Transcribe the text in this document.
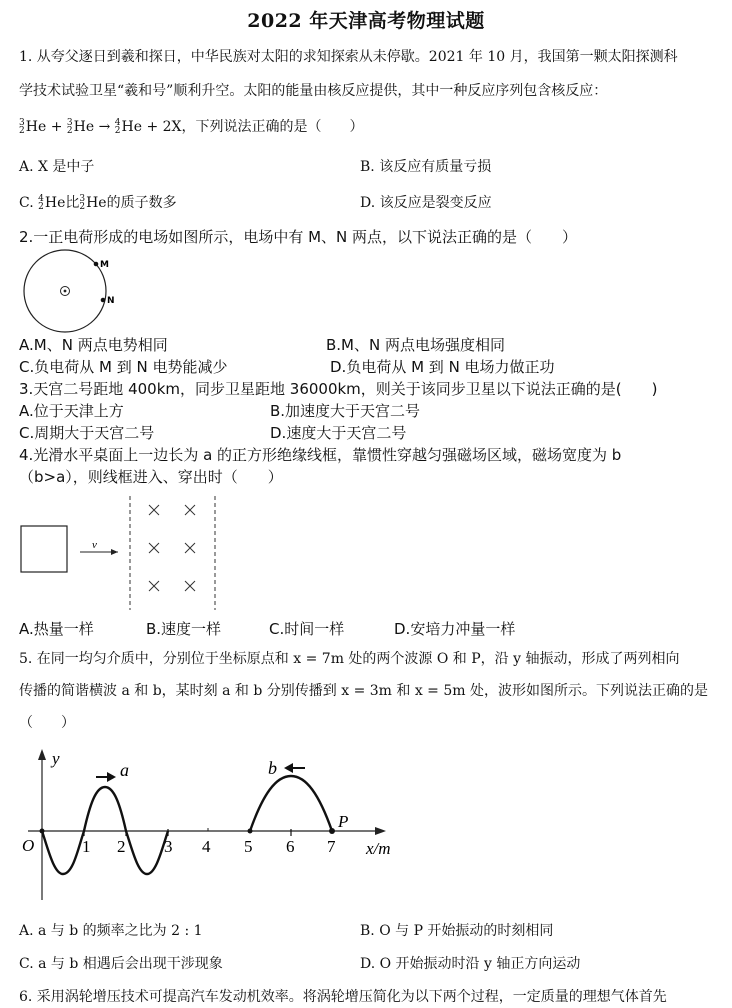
2022 年天津高考物理试题
1. 从夸父逐日到羲和探日，中华民族对太阳的求知探索从未停歇。2021 年 10 月，我国第一颗太阳探测科
学技术试验卫星“羲和号”顺利升空。太阳的能量由核反应提供，其中一种反应序列包含核反应：
3
2 He + 3
2 He → 4
2 He + 2X，下列说法正确的是（　　）
A. X 是中子	B. 该反应有质量亏损
C. 4
2 He比 3
2 He的质子数多	D. 该反应是裂变反应
2.一正电荷形成的电场如图所示，电场中有 M、N 两点，以下说法正确的是（　　）
M
N
A.M、N 两点电势相同	B.M、N 两点电场强度相同
C.负电荷从 M 到 N 电势能减少	D.负电荷从 M 到 N 电场力做正功
3.天宫二号距地 400km，同步卫星距地 36000km，则关于该同步卫星以下说法正确的是(　　)
A.位于天津上方	B.加速度大于天宫二号
C.周期大于天宫二号	D.速度大于天宫二号
4.光滑水平桌面上一边长为 a 的正方形绝缘线框，靠惯性穿越匀强磁场区域，磁场宽度为 b
（b>a），则线框进入、穿出时（　　）
v
A.热量一样	B.速度一样	C.时间一样	D.安培力冲量一样
5. 在同一均匀介质中，分别位于坐标原点和 x = 7m 处的两个波源 O 和 P，沿 y 轴振动，形成了两列相向
传播的简谐横波 a 和 b，某时刻 a 和 b 分别传播到 x = 3m 和 x = 5m 处，波形如图所示。下列说法正确的是
（　　）
y
x/m
O	1 2 3 4 5 6 7
a	b
P
A. a 与 b 的频率之比为 2 : 1	B. O 与 P 开始振动的时刻相同
C. a 与 b 相遇后会出现干涉现象	D. O 开始振动时沿 y 轴正方向运动
6. 采用涡轮增压技术可提高汽车发动机效率。将涡轮增压简化为以下两个过程，一定质量的理想气体首先
